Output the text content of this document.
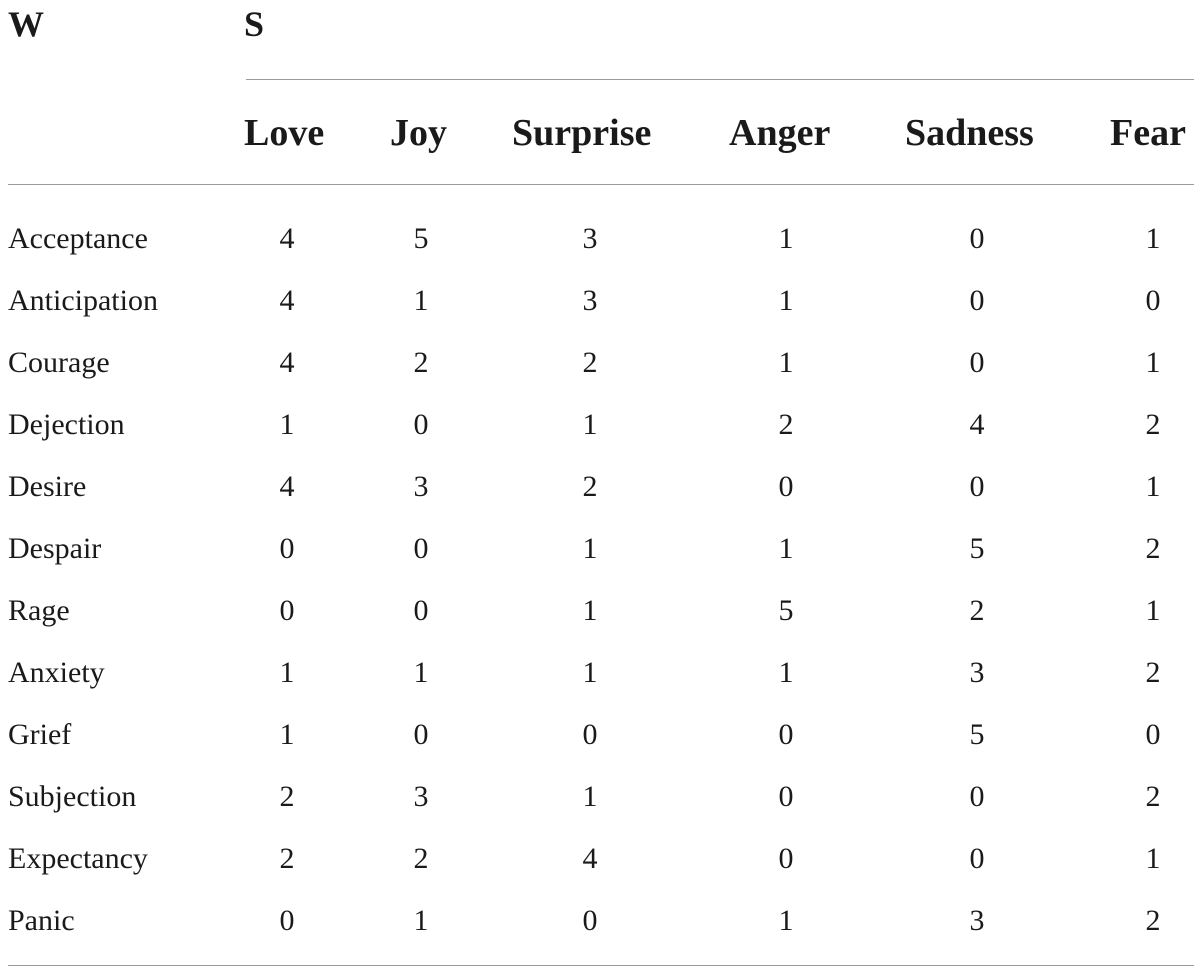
W	S
Love Joy Surprise Anger Sadness Fear
Acceptance	4	5	3	1	0	1
Anticipation	4	1	3	1	0	0
Courage	4	2	2	1	0	1
Dejection	1	0	1	2	4	2
Desire	4	3	2	0	0	1
Despair	0	0	1	1	5	2
Rage	0	0	1	5	2	1
Anxiety	1	1	1	1	3	2
Grief	1	0	0	0	5	0
Subjection	2	3	1	0	0	2
Expectancy	2	2	4	0	0	1
Panic	0	1	0	1	3	2
